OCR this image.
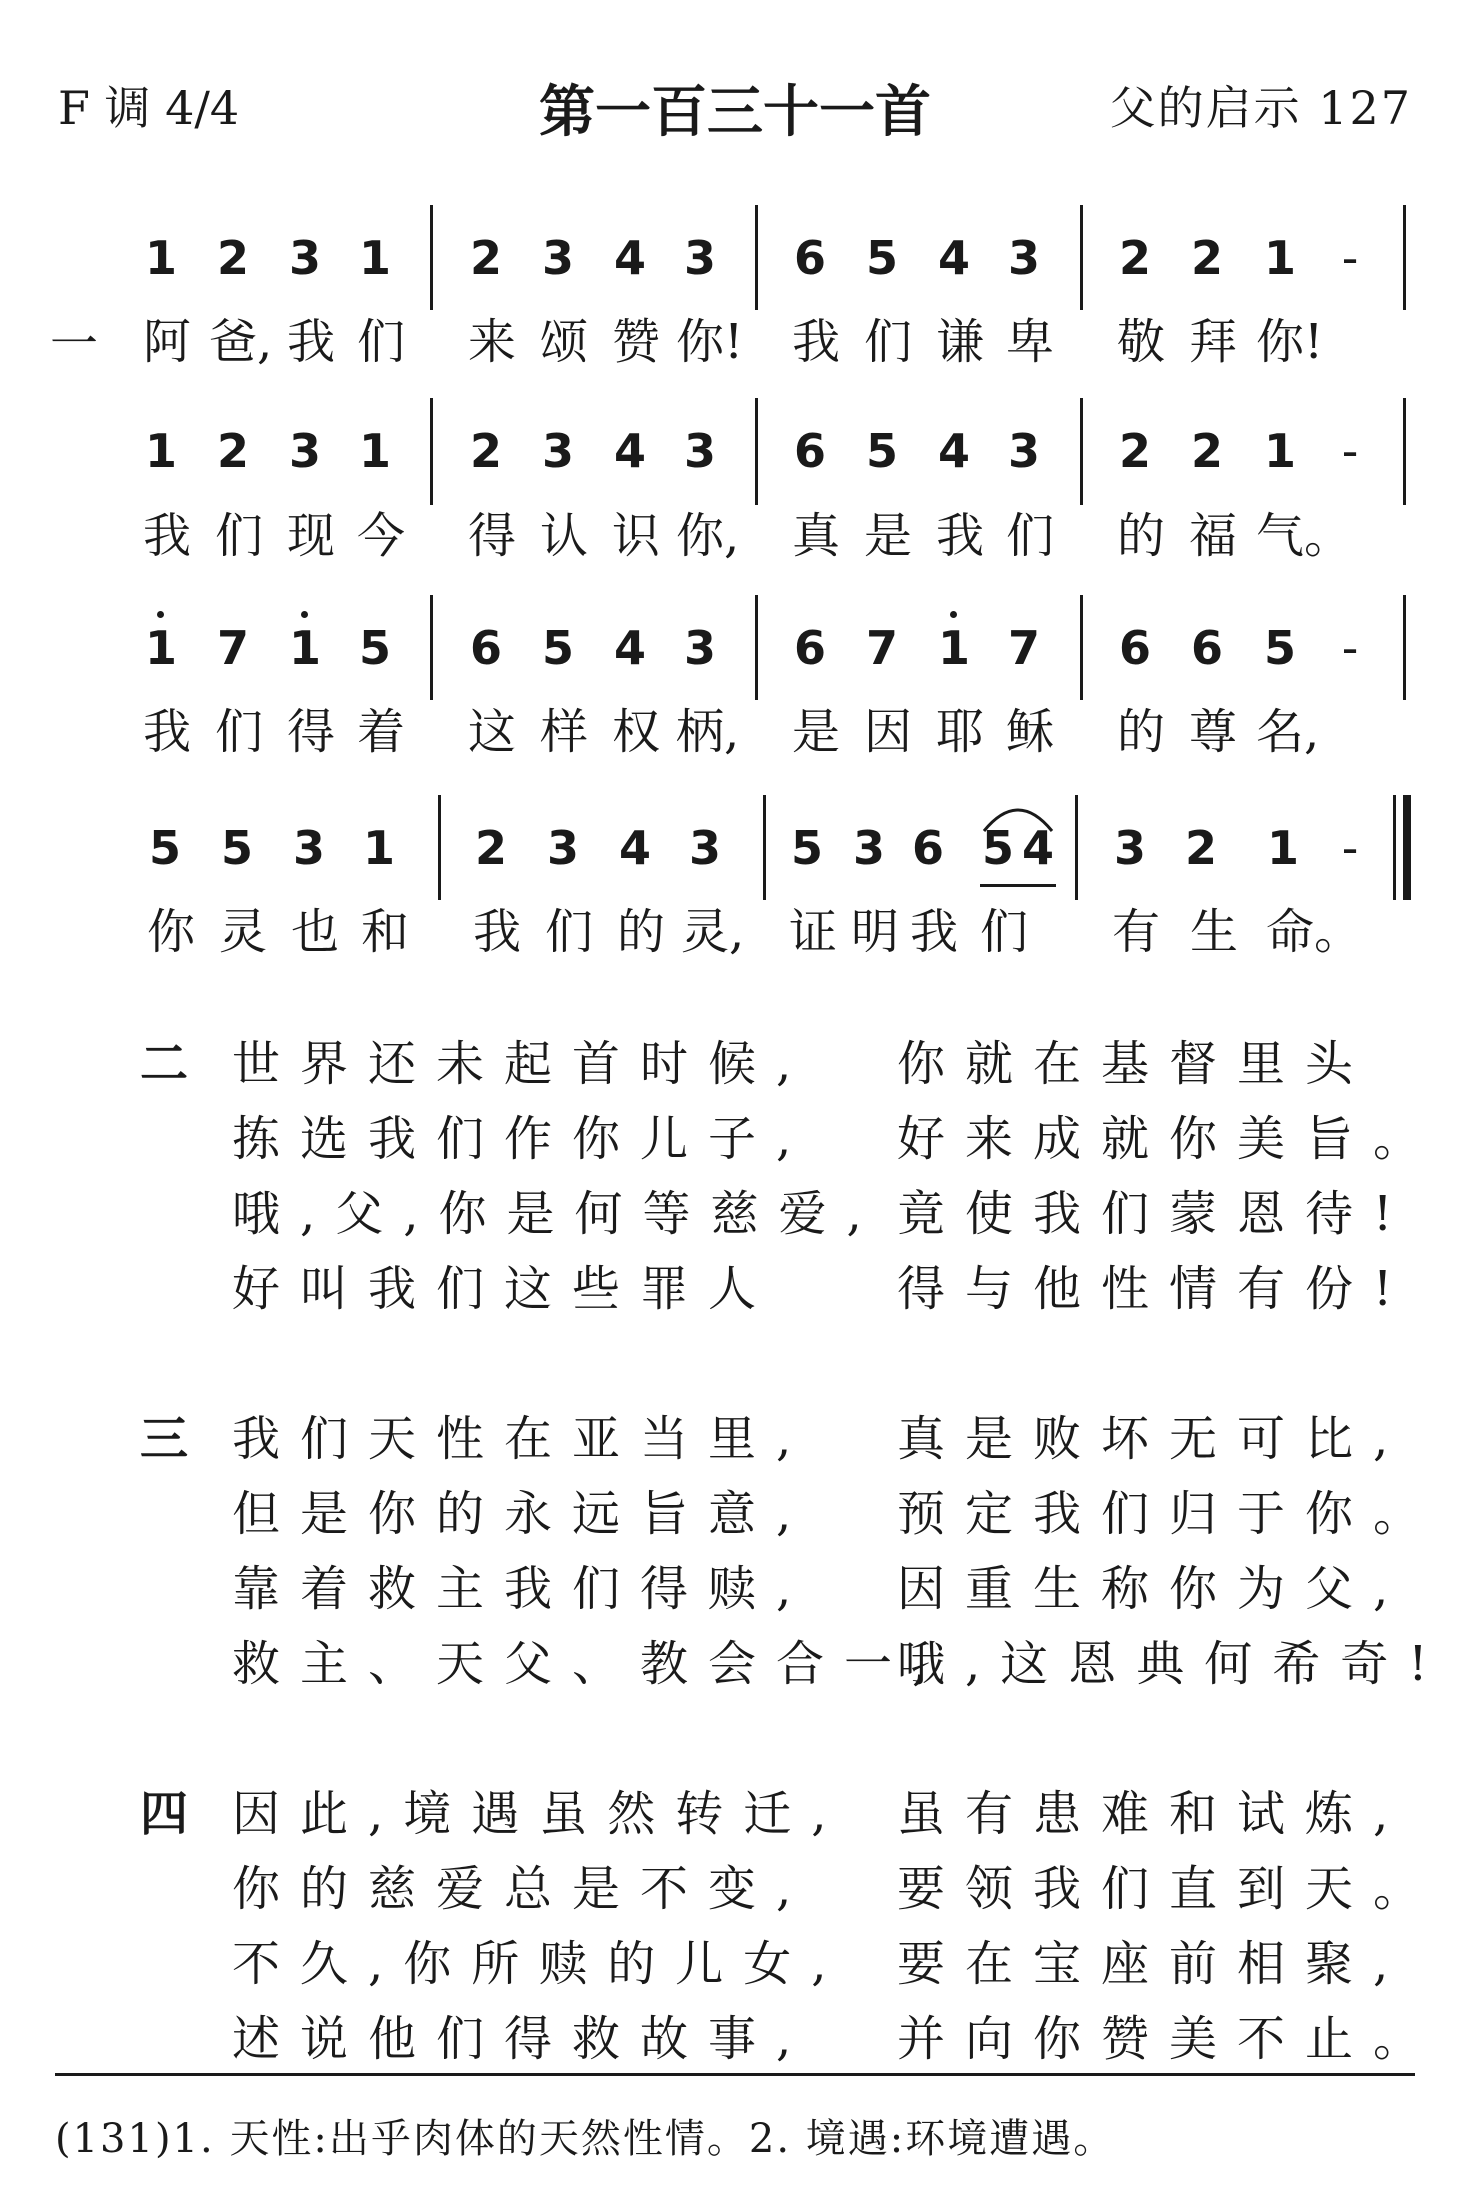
F 调 4/4	第一百三十一首	父的启示 127
1 2 3 1 2 3 4 3 6 5 4 3 2 2 1 -
阿 爸, 我 们 来 颂 赞 你! 我 们 谦 卑 敬 拜 你!
1 2 3 1 2 3 4 3 6 5 4 3 2 2 1 -
我 们 现 今 得 认 识 你, 真 是 我 们 的 福 气。
1 7 1 5 6 5 4 3 6 7 1 7 6 6 5 -
我 们 得 着 这 样 权 柄, 是 因 耶 稣 的 尊 名,
5 5 3 1 2 3 4 3 5 3 6 5 4 3 2 1 -
你 灵 也 和 我 们 的 灵, 证 明 我 们 有 生 命。
一
二 世界还未起首时候, 你就在基督里头
拣选我们作你儿子, 好来成就你美旨。
哦,父,你是何等慈爱, 竟使我们蒙恩待!
好叫我们这些罪人	得与他性情有份!
三 我们天性在亚当里, 真是败坏无可比,
但是你的永远旨意, 预定我们归于你。
靠着救主我们得赎, 因重生称你为父,
救主、天父、教会合一,
哦,这恩典何希奇!
四 因此,境遇虽然转迁, 虽有患难和试炼,
你的慈爱总是不变, 要领我们直到天。
不久,你所赎的儿女, 要在宝座前相聚,
述说他们得救故事, 并向你赞美不止。
(131)1. 天性:出乎肉体的天然性情。2. 境遇:环境遭遇。
